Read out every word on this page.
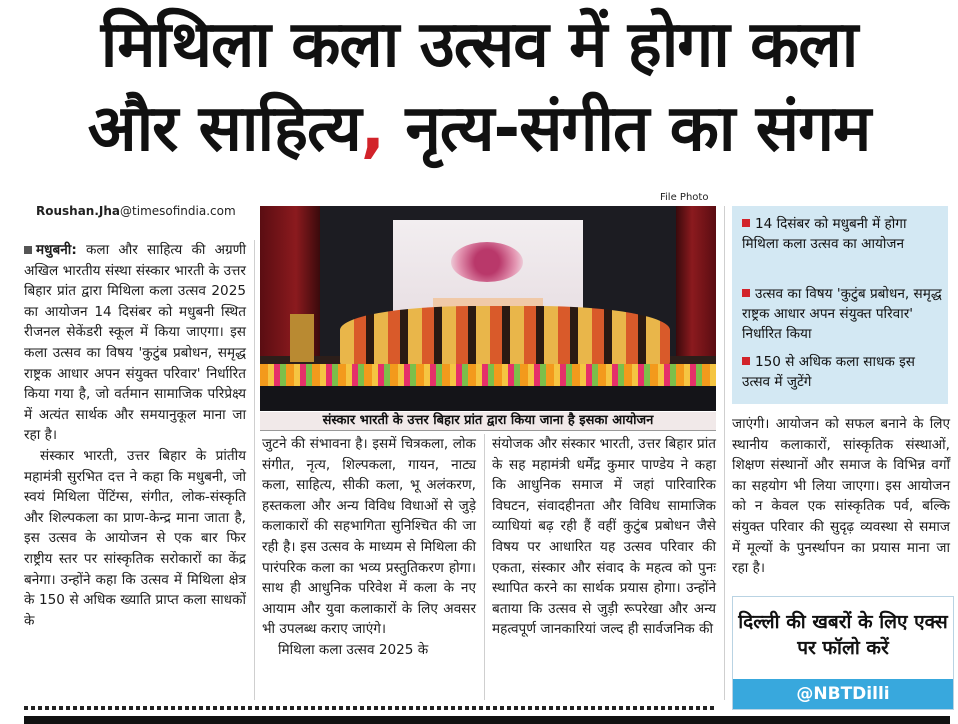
मिथिला कला उत्सव में होगा कला
और साहित्य, नृत्य-संगीत का संगम
Roushan.Jha@timesofindia.com
File Photo
संस्कार भारती के उत्तर बिहार प्रांत द्वारा किया जाना है इसका आयोजन
14 दिसंबर को मधुबनी में होगा मिथिला कला उत्सव का आयोजन
उत्सव का विषय 'कुटुंब प्रबोधन, समृद्ध राष्ट्रक आधार अपन संयुक्त परिवार' निर्धारित किया
150 से अधिक कला साधक इस उत्सव में जुटेंगे

मधुबनी: कला और साहित्य की अग्रणी अखिल भारतीय संस्था संस्कार भारती के उत्तर बिहार प्रांत द्वारा मिथिला कला उत्सव 2025 का आयोजन 14 दिसंबर को मधुबनी स्थित रीजनल सेकेंडरी स्कूल में किया जाएगा। इस कला उत्सव का विषय 'कुटुंब प्रबोधन, समृद्ध राष्ट्रक आधार अपन संयुक्त परिवार' निर्धारित किया गया है, जो वर्तमान सामाजिक परिप्रेक्ष्य में अत्यंत सार्थक और समयानुकूल माना जा रहा है।

संस्कार भारती, उत्तर बिहार के प्रांतीय महामंत्री सुरभित दत्त ने कहा कि मधुबनी, जो स्वयं मिथिला पेंटिंग्स, संगीत, लोक-संस्कृति और शिल्पकला का प्राण-केन्द्र माना जाता है, इस उत्सव के आयोजन से एक बार फिर राष्ट्रीय स्तर पर सांस्कृतिक सरोकारों का केंद्र बनेगा। उन्होंने कहा कि उत्सव में मिथिला क्षेत्र के 150 से अधिक ख्याति प्राप्त कला साधकों के

जुटने की संभावना है। इसमें चित्रकला, लोक संगीत, नृत्य, शिल्पकला, गायन, नाट्य कला, साहित्य, सीकी कला, भू अलंकरण, हस्तकला और अन्य विविध विधाओं से जुड़े कलाकारों की सहभागिता सुनिश्चित की जा रही है। इस उत्सव के माध्यम से मिथिला की पारंपरिक कला का भव्य प्रस्तुतिकरण होगा। साथ ही आधुनिक परिवेश में कला के नए आयाम और युवा कलाकारों के लिए अवसर भी उपलब्ध कराए जाएंगे।

मिथिला कला उत्सव 2025 के

संयोजक और संस्कार भारती, उत्तर बिहार प्रांत के सह महामंत्री धर्मेंद्र कुमार पाण्डेय ने कहा कि आधुनिक समाज में जहां पारिवारिक विघटन, संवादहीनता और विविध सामाजिक व्याधियां बढ़ रही हैं वहीं कुटुंब प्रबोधन जैसे विषय पर आधारित यह उत्सव परिवार की एकता, संस्कार और संवाद के महत्व को पुनः स्थापित करने का सार्थक प्रयास होगा। उन्होंने बताया कि उत्सव से जुड़ी रूपरेखा और अन्य महत्वपूर्ण जानकारियां जल्द ही सार्वजनिक की

जाएंगी। आयोजन को सफल बनाने के लिए स्थानीय कलाकारों, सांस्कृतिक संस्थाओं, शिक्षण संस्थानों और समाज के विभिन्न वर्गों का सहयोग भी लिया जाएगा। इस आयोजन को न केवल एक सांस्कृतिक पर्व, बल्कि संयुक्त परिवार की सुदृढ़ व्यवस्था से समाज में मूल्यों के पुनर्स्थापन का प्रयास माना जा रहा है।

दिल्ली की खबरों के लिए एक्स पर फॉलो करें
@NBTDilli
